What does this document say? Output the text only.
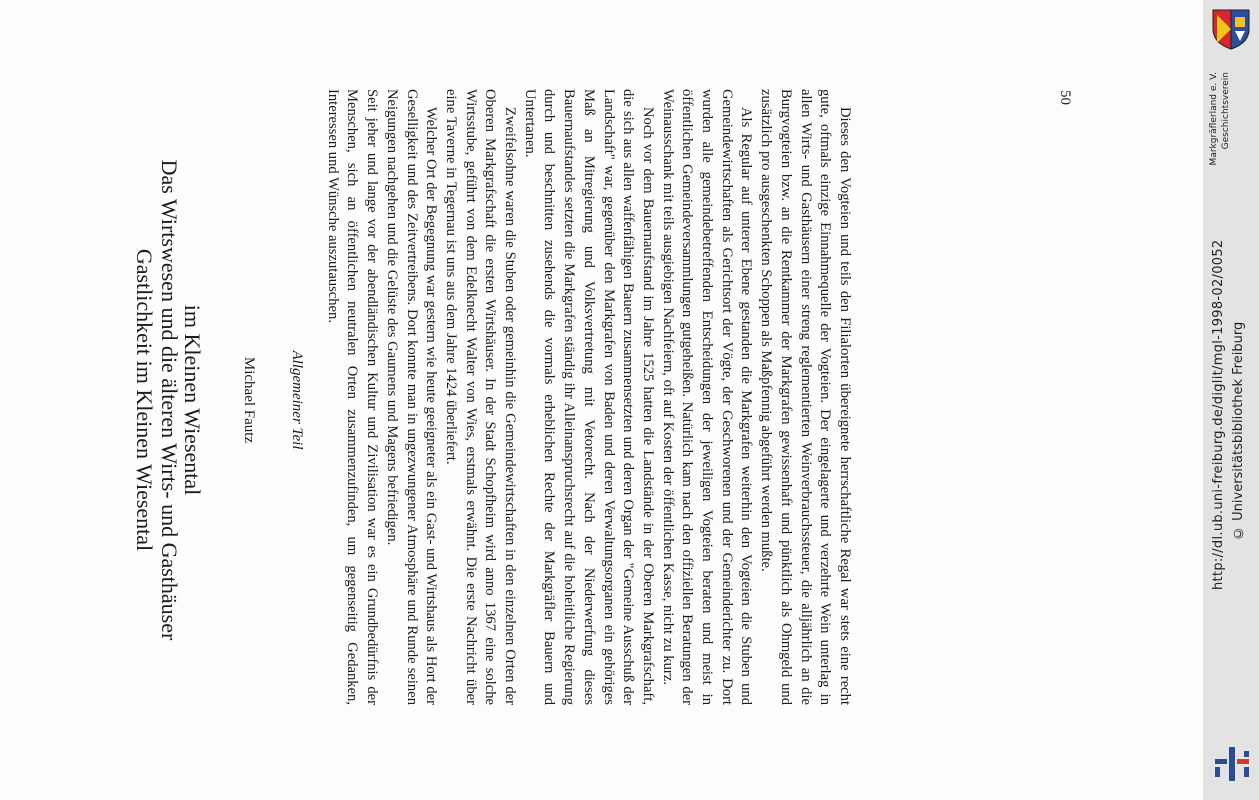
Gastlichkeit im Kleinen Wiesental Das Wirtswesen und die älteren Wirts- und Gasthäuser
im Kleinen Wiesental Michael Fautz Allgemeiner Teil	Seit jeher und lange vor der abendländischen Kultur und Zivilisation war es ein Grundbedürfnis der Menschen, sich an öffentlichen neutralen Orten zusammenzufinden, um gegenseitig Gedanken, Interessen und Wünsche auszutauschen.	Welcher Ort der Begegnung war gestern wie heute geeigneter als ein Gast- und Wirtshaus als Hort der Geselligkeit und des Zeitvertreibens. Dort konnte man in ungezwungener Atmosphäre und Runde seinen Neigungen nachgehen und die Gelüste des Gaumens und Magens befriedigen.	Zweifelsohne waren die Stuben oder gemeinhin die Gemeindewirtschaften in den einzelnen Orten der Oberen Markgrafschaft die ersten Wirtshäuser. In der Stadt Schopfheim wird anno 1367 eine solche Wirtsstube, geführt von dem Edelknecht Walter von Wies, erstmals erwähnt. Die erste Nachricht über eine Taverne in Tegernau ist uns aus dem Jahre 1424 überliefert.	Noch vor dem Bauernaufstand im Jahre 1525 hatten die Landstände in der Oberen Markgrafschaft, die sich aus allen waffenfähigen Bauern zusammensetzten und deren Organ der "Gemeine Ausschuß der Landschaft" war, gegenüber den Markgrafen von Baden und deren Verwaltungsorganen ein gehöriges Maß an Mitregierung und Volksvertretung mit Vetorecht. Nach der Niederwerfung dieses Bauernaufstandes setzten die Markgrafen ständig ihr Alleinanspruchsrecht auf die hoheitliche Regierung durch und beschnitten zusehends die vormals erheblichen Rechte der Markgräfler Bauern und Untertanen.	Als Regular auf unterer Ebene gestanden die Markgrafen weiterhin den Vogteien die Stuben und Gemeindewirtschaften als Gerichtsort der Vögte, der Geschworenen und der Gemeinderichter zu. Dort wurden alle gemeindebetreffenden Entscheidungen der jeweiligen Vogteien beraten und meist in öffentlichen Gemeindeversammlungen gutgeheißen. Natürlich kam nach den offiziellen Beratungen der Weinausschank mit teils ausgiebigen Nachfeiern, oft auf Kosten der öffentlichen Kasse, nicht zu kurz.	Dieses den Vogteien und teils den Filialorten übereignete herrschaftliche Regal war stets eine recht gute, oftmals einzige Einnahmequelle der Vogteien. Der eingelagerte und verzehrte Wein unterlag in allen Wirts- und Gasthäusern einer streng reglementierten Weinverbrauchssteuer, die alljährlich an die Burgvogteien bzw. an die Rentkammer der Markgrafen gewissenhaft und pünktlich als Ohmgeld und zusätzlich pro ausgeschenkten Schoppen als Maßpfennig abgeführt werden mußte.	50	Markgräflerland e. V. Geschichtsverein
© Universitätsbibliothek Freiburg
http://dl.ub.uni-freiburg.de/diglit/mgl-1998-02/0052
